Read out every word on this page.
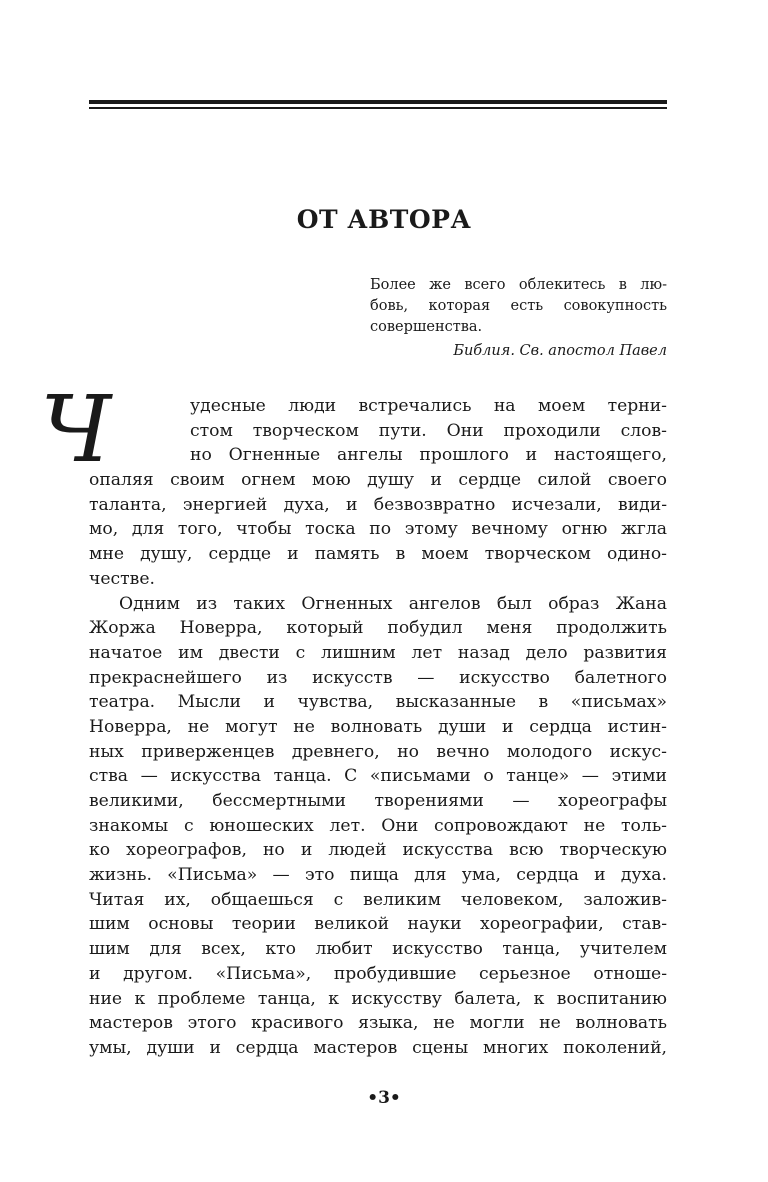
ОТ АВТОРА
Более же всего облекитесь в лю-
бовь, которая есть совокупность
совершенства.
Библия. Св. апостол Павел
Ч	удесные люди встречались на моем терни-
стом творческом пути. Они проходили слов-
но Огненные ангелы прошлого и настоящего,
опаляя своим огнем мою душу и сердце силой своего
таланта, энергией духа, и безвозвратно исчезали, види-
мо, для того, чтобы тоска по этому вечному огню жгла
мне душу, сердце и память в моем творческом одино-
честве.
Одним из таких Огненных ангелов был образ Жана
Жоржа Новерра, который побудил меня продолжить
начатое им двести с лишним лет назад дело развития
прекраснейшего из искусств — искусство балетного
театра. Мысли и чувства, высказанные в «письмах»
Новерра, не могут не волновать души и сердца истин-
ных приверженцев древнего, но вечно молодого искус-
ства — искусства танца. С «письмами о танце» — этими
великими, бессмертными творениями — хореографы
знакомы с юношеских лет. Они сопровождают не толь-
ко хореографов, но и людей искусства всю творческую
жизнь. «Письма» — это пища для ума, сердца и духа.
Читая их, общаешься с великим человеком, заложив-
шим основы теории великой науки хореографии, став-
шим для всех, кто любит искусство танца, учителем
и другом. «Письма», пробудившие серьезное отноше-
ние к проблеме танца, к искусству балета, к воспитанию
мастеров этого красивого языка, не могли не волновать
умы, души и сердца мастеров сцены многих поколений,
•3•
